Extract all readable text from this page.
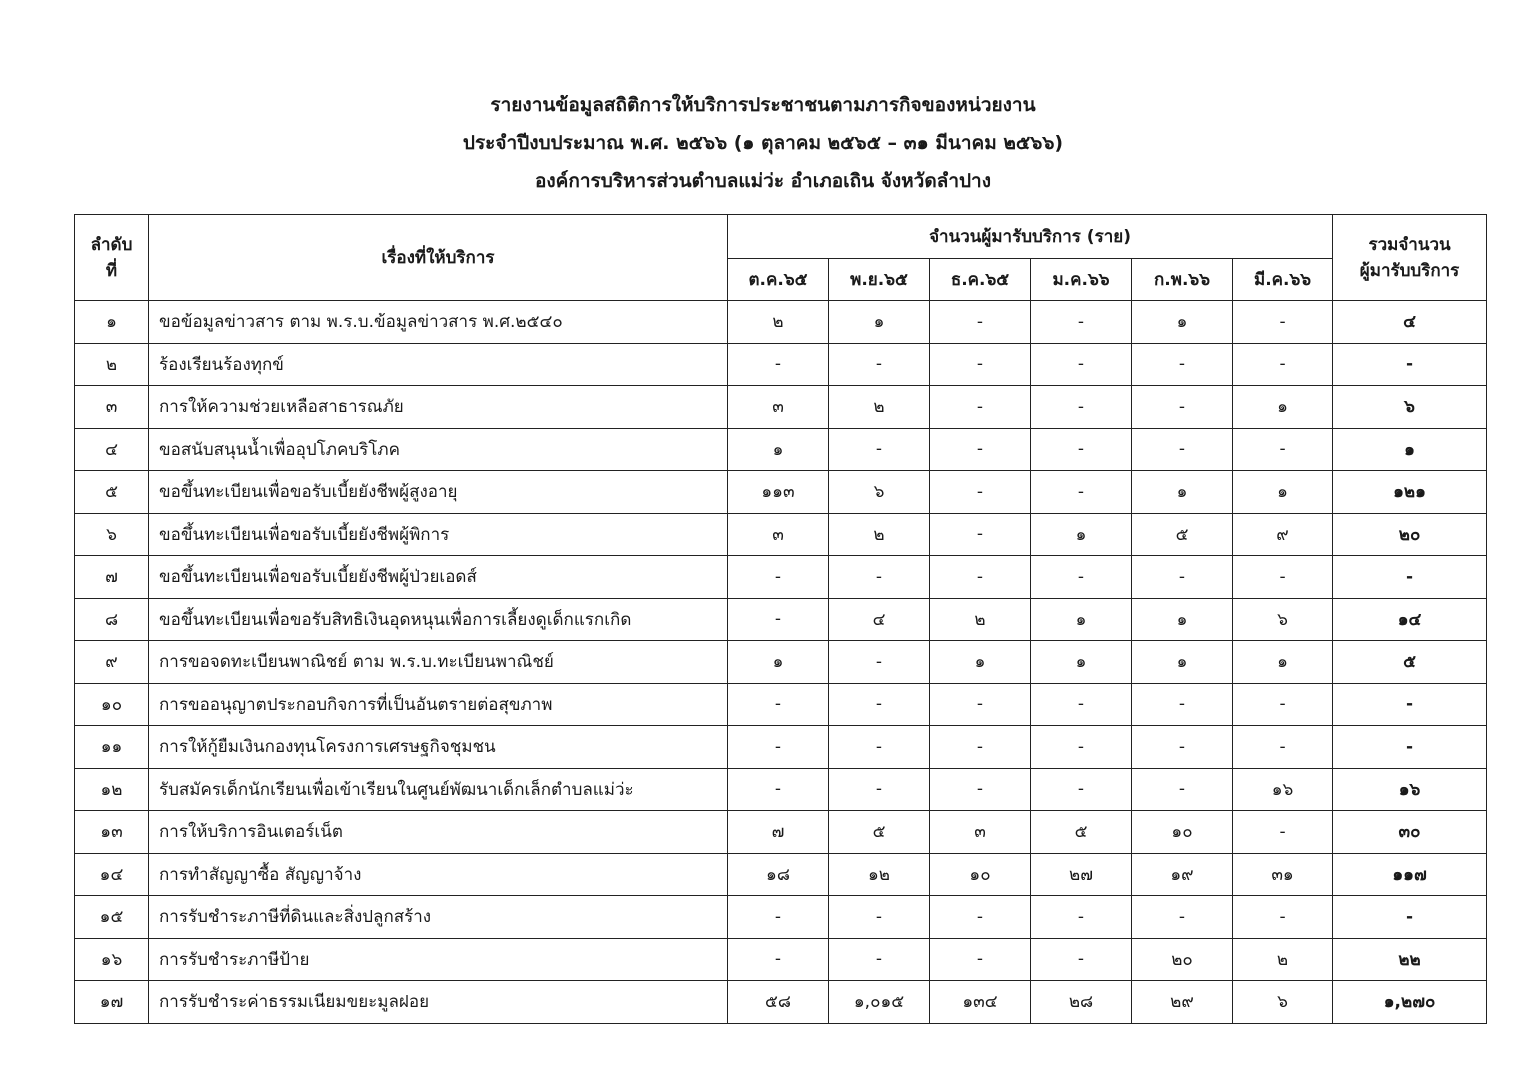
รายงานข้อมูลสถิติการให้บริการประชาชนตามภารกิจของหน่วยงาน
ประจำปีงบประมาณ พ.ศ. ๒๕๖๖ (๑ ตุลาคม ๒๕๖๕ – ๓๑ มีนาคม ๒๕๖๖)
องค์การบริหารส่วนตำบลแม่ว่ะ อำเภอเถิน จังหวัดลำปาง
ลำดับ
ที่	เรื่องที่ให้บริการ	จำนวนผู้มารับบริการ (ราย)						รวมจำนวน
ผู้มารับบริการ
		ต.ค.๖๕	พ.ย.๖๕	ธ.ค.๖๕	ม.ค.๖๖	ก.พ.๖๖	มี.ค.๖๖	
๑	ขอข้อมูลข่าวสาร ตาม พ.ร.บ.ข้อมูลข่าวสาร พ.ศ.๒๕๔๐	๒	๑	-	-	๑	-	๔
๒	ร้องเรียนร้องทุกข์	-	-	-	-	-	-	-
๓	การให้ความช่วยเหลือสาธารณภัย	๓	๒	-	-	-	๑	๖
๔	ขอสนับสนุนน้ำเพื่ออุปโภคบริโภค	๑	-	-	-	-	-	๑
๕	ขอขึ้นทะเบียนเพื่อขอรับเบี้ยยังชีพผู้สูงอายุ	๑๑๓	๖	-	-	๑	๑	๑๒๑
๖	ขอขึ้นทะเบียนเพื่อขอรับเบี้ยยังชีพผู้พิการ	๓	๒	-	๑	๕	๙	๒๐
๗	ขอขึ้นทะเบียนเพื่อขอรับเบี้ยยังชีพผู้ป่วยเอดส์	-	-	-	-	-	-	-
๘	ขอขึ้นทะเบียนเพื่อขอรับสิทธิเงินอุดหนุนเพื่อการเลี้ยงดูเด็กแรกเกิด	-	๔	๒	๑	๑	๖	๑๔
๙	การขอจดทะเบียนพาณิชย์ ตาม พ.ร.บ.ทะเบียนพาณิชย์	๑	-	๑	๑	๑	๑	๕
๑๐	การขออนุญาตประกอบกิจการที่เป็นอันตรายต่อสุขภาพ	-	-	-	-	-	-	-
๑๑	การให้กู้ยืมเงินกองทุนโครงการเศรษฐกิจชุมชน	-	-	-	-	-	-	-
๑๒	รับสมัครเด็กนักเรียนเพื่อเข้าเรียนในศูนย์พัฒนาเด็กเล็กตำบลแม่ว่ะ	-	-	-	-	-	๑๖	๑๖
๑๓	การให้บริการอินเตอร์เน็ต	๗	๕	๓	๕	๑๐	-	๓๐
๑๔	การทำสัญญาซื้อ สัญญาจ้าง	๑๘	๑๒	๑๐	๒๗	๑๙	๓๑	๑๑๗
๑๕	การรับชำระภาษีที่ดินและสิ่งปลูกสร้าง	-	-	-	-	-	-	-
๑๖	การรับชำระภาษีป้าย	-	-	-	-	๒๐	๒	๒๒
๑๗	การรับชำระค่าธรรมเนียมขยะมูลฝอย	๕๘	๑,๐๑๕	๑๓๔	๒๘	๒๙	๖	๑,๒๗๐
